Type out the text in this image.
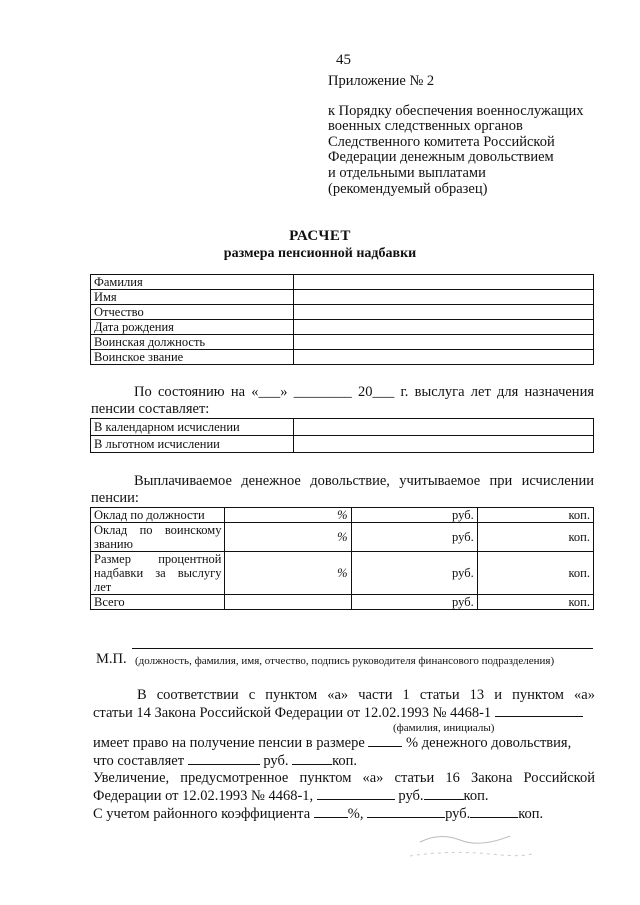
45
Приложение № 2
к Порядку обеспечения военнослужащих
военных следственных органов
Следственного комитета Российской
Федерации денежным довольствием
и отдельными выплатами
(рекомендуемый образец)
РАСЧЕТ
размера пенсионной надбавки
Фамилия	
Имя	
Отчество	
Дата рождения	
Воинская должность	
Воинское звание	
По состоянию на «___» ________ 20___ г. выслуга лет для назначения
пенсии составляет:
В календарном исчислении	
В льготном исчислении	
Выплачиваемое денежное довольствие, учитываемое при исчислении
пенсии:
Оклад по должности	%	руб.	коп.
Оклад по воинскому званию	%	руб.	коп.
Размер процентной надбавки за выслугу лет	%	руб.	коп.
Всего		руб.	коп.
М.П. (должность, фамилия, имя, отчество, подпись руководителя финансового подразделения)
В соответствии с пунктом «а» части 1 статьи 13 и пунктом «а»
статьи 14 Закона Российской Федерации от 12.02.1993 № 4468-1
имеет право на получение пенсии в размере	% денежного довольствия,
что составляет	руб.	коп.
Увеличение, предусмотренное пунктом «а» статьи 16 Закона Российской
Федерации от 12.02.1993 № 4468-1,	руб.	коп.
С учетом районного коэффициента	%,	руб.	коп.
(фамилия, инициалы)
